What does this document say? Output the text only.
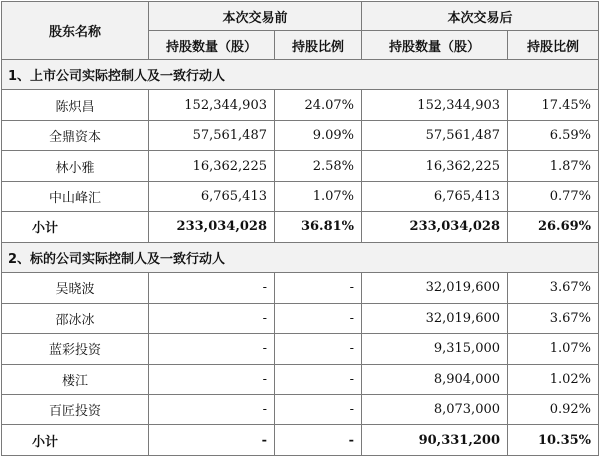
股东名称	本次交易前		本次交易后	
	持股数量（股）	持股比例	持股数量（股）	持股比例
1、上市公司实际控制人及一致行动人				
陈炽昌	152,344,903	24.07%	152,344,903	17.45%
全鼎资本	57,561,487	9.09%	57,561,487	6.59%
林小雅	16,362,225	2.58%	16,362,225	1.87%
中山峰汇	6,765,413	1.07%	6,765,413	0.77%
小计	233,034,028	36.81%	233,034,028	26.69%
2、标的公司实际控制人及一致行动人				
吴晓波	-	-	32,019,600	3.67%
邵冰冰	-	-	32,019,600	3.67%
蓝彩投资	-	-	9,315,000	1.07%
楼江	-	-	8,904,000	1.02%
百匠投资	-	-	8,073,000	0.92%
小计	-	-	90,331,200	10.35%
